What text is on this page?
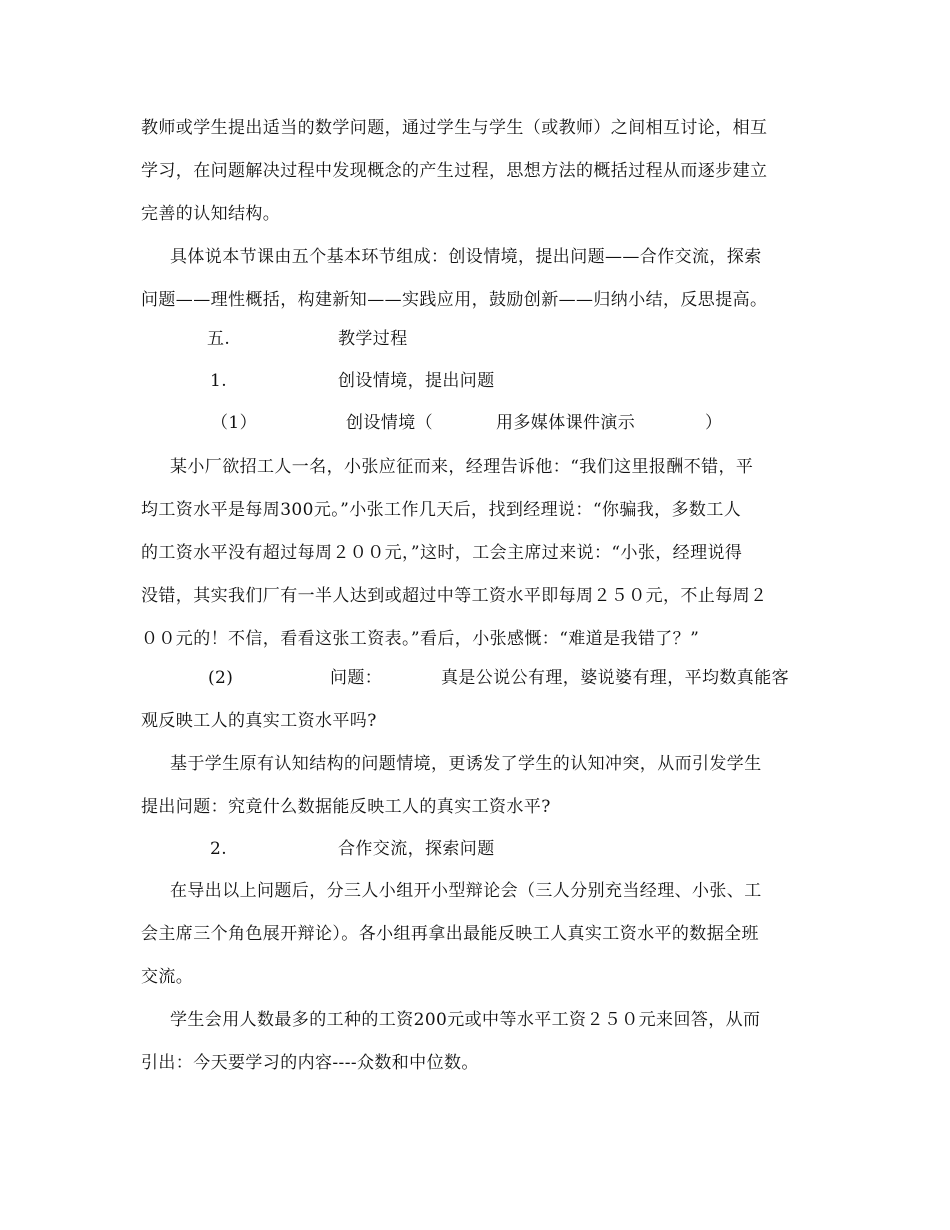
教师或学生提出适当的数学问题，通过学生与学生（或教师）之间相互讨论，相互
学习，在问题解决过程中发现概念的产生过程，思想方法的概括过程从而逐步建立
完善的认知结构。
具体说本节课由五个基本环节组成：创设情境，提出问题——合作交流，探索
问题——理性概括，构建新知——实践应用，鼓励创新——归纳小结，反思提高。
五.	教学过程
1.	创设情境，提出问题
（1）	创设情境（	用多媒体课件演示	）
某小厂欲招工人一名，小张应征而来，经理告诉他：“我们这里报酬不错，平
均工资水平是每周300元。”小张工作几天后，找到经理说：“你骗我，多数工人
的工资水平没有超过每周２００元，”这时，工会主席过来说：“小张，经理说得
没错，其实我们厂有一半人达到或超过中等工资水平即每周２５０元，不止每周２
００元的！不信，看看这张工资表。”看后，小张感慨：“难道是我错了？”
(2)	问题：	真是公说公有理，婆说婆有理，平均数真能客
观反映工人的真实工资水平吗?
基于学生原有认知结构的问题情境，更诱发了学生的认知冲突，从而引发学生
提出问题：究竟什么数据能反映工人的真实工资水平?
2.	合作交流，探索问题
在导出以上问题后，分三人小组开小型辩论会（三人分别充当经理、小张、工
会主席三个角色展开辩论）。各小组再拿出最能反映工人真实工资水平的数据全班
交流。
学生会用人数最多的工种的工资200元或中等水平工资２５０元来回答，从而
引出：今天要学习的内容----众数和中位数。
